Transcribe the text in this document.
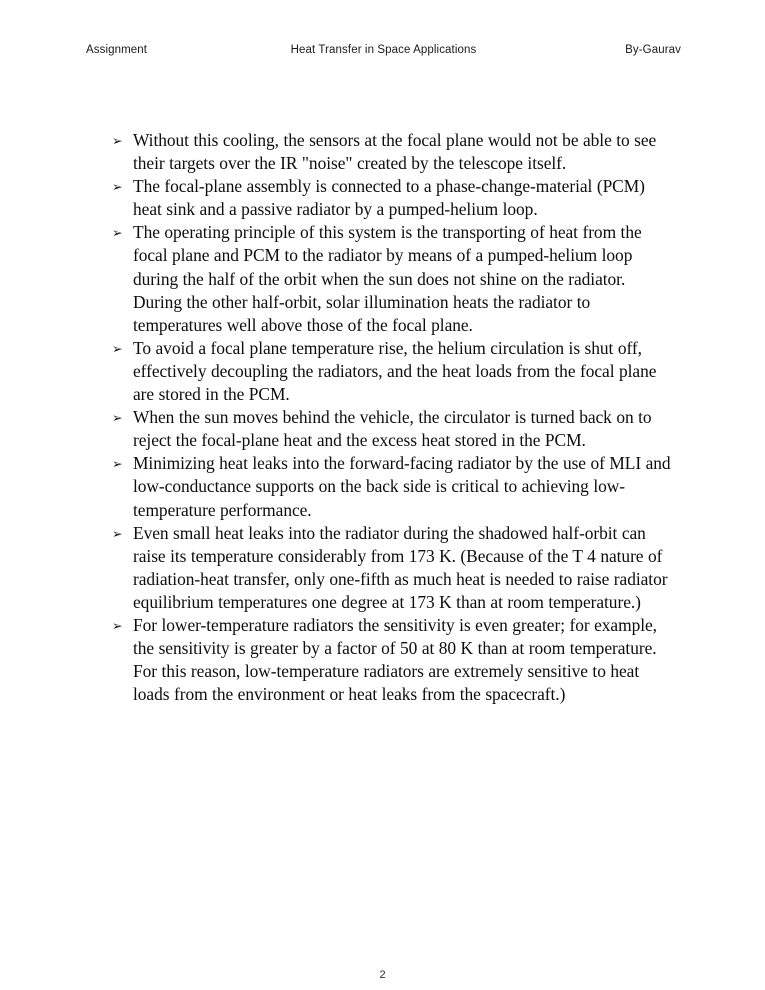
Assignment	Heat Transfer in Space Applications	By-Gaurav
➢ Without this cooling, the sensors at the focal plane would not be able to see their targets over the IR "noise" created by the telescope itself.
➢ The focal-plane assembly is connected to a phase-change-material (PCM) heat sink and a passive radiator by a pumped-helium loop.
➢ The operating principle of this system is the transporting of heat from the focal plane and PCM to the radiator by means of a pumped-helium loop during the half of the orbit when the sun does not shine on the radiator. During the other half-orbit, solar illumination heats the radiator to temperatures well above those of the focal plane.
➢ To avoid a focal plane temperature rise, the helium circulation is shut off, effectively decoupling the radiators, and the heat loads from the focal plane are stored in the PCM.
➢ When the sun moves behind the vehicle, the circulator is turned back on to reject the focal-plane heat and the excess heat stored in the PCM.
➢ Minimizing heat leaks into the forward-facing radiator by the use of MLI and low-conductance supports on the back side is critical to achieving low-temperature performance.
➢ Even small heat leaks into the radiator during the shadowed half-orbit can raise its temperature considerably from 173 K. (Because of the T 4 nature of radiation-heat transfer, only one-fifth as much heat is needed to raise radiator equilibrium temperatures one degree at 173 K than at room temperature.)
➢ For lower-temperature radiators the sensitivity is even greater; for example, the sensitivity is greater by a factor of 50 at 80 K than at room temperature. For this reason, low-temperature radiators are extremely sensitive to heat loads from the environment or heat leaks from the spacecraft.)
2
